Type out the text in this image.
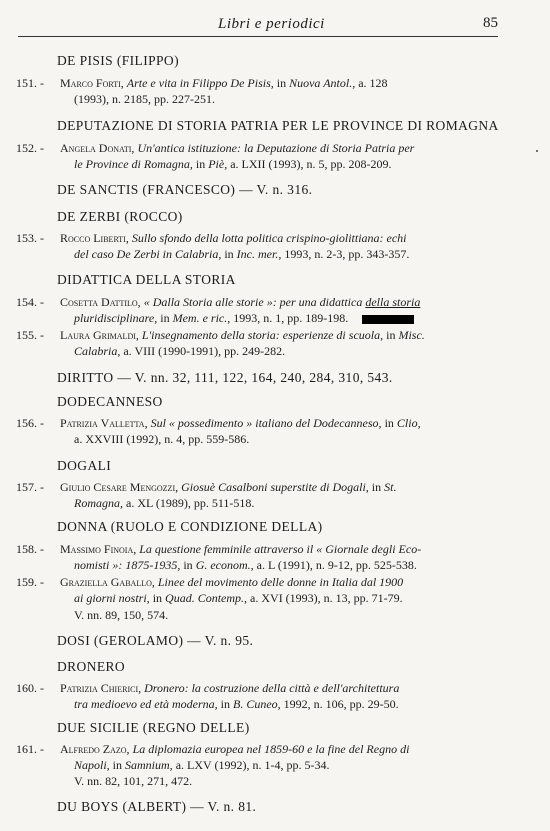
Libri e periodici	85
DE PISIS (FILIPPO)
151. - Marco Forti, Arte e vita in Filippo De Pisis, in Nuova Antol., a. 128
(1993), n. 2185, pp. 227-251.
DEPUTAZIONE DI STORIA PATRIA PER LE PROVINCE DI ROMAGNA
152. - Angela Donati, Un'antica istituzione: la Deputazione di Storia Patria per
le Province di Romagna, in Piè, a. LXII (1993), n. 5, pp. 208-209.
DE SANCTIS (FRANCESCO) — V. n. 316.
DE ZERBI (ROCCO)
153. - Rocco Liberti, Sullo sfondo della lotta politica crispino-giolittiana: echi
del caso De Zerbi in Calabria, in Inc. mer., 1993, n. 2-3, pp. 343-357.
DIDATTICA DELLA STORIA
154. - Cosetta Dattilo, « Dalla Storia alle storie »: per una didattica della storia
pluridisciplinare, in Mem. e ric., 1993, n. 1, pp. 189-198.
155. - Laura Grimaldi, L'insegnamento della storia: esperienze di scuola, in Misc.
Calabria, a. VIII (1990-1991), pp. 249-282.
DIRITTO — V. nn. 32, 111, 122, 164, 240, 284, 310, 543.
DODECANNESO
156. - Patrizia Valletta, Sul « possedimento » italiano del Dodecanneso, in Clio,
a. XXVIII (1992), n. 4, pp. 559-586.
DOGALI
157. - Giulio Cesare Mengozzi, Giosuè Casalboni superstite di Dogali, in St.
Romagna, a. XL (1989), pp. 511-518.
DONNA (RUOLO E CONDIZIONE DELLA)
158. - Massimo Finoia, La questione femminile attraverso il « Giornale degli Eco-
nomisti »: 1875-1935, in G. econom., a. L (1991), n. 9-12, pp. 525-538.
159. - Graziella Gaballo, Linee del movimento delle donne in Italia dal 1900
ai giorni nostri, in Quad. Contemp., a. XVI (1993), n. 13, pp. 71-79.
V. nn. 89, 150, 574.
DOSI (GEROLAMO) — V. n. 95.
DRONERO
160. - Patrizia Chierici, Dronero: la costruzione della città e dell'architettura
tra medioevo ed età moderna, in B. Cuneo, 1992, n. 106, pp. 29-50.
DUE SICILIE (REGNO DELLE)
161. - Alfredo Zazo, La diplomazia europea nel 1859-60 e la fine del Regno di
Napoli, in Samnium, a. LXV (1992), n. 1-4, pp. 5-34.
V. nn. 82, 101, 271, 472.
DU BOYS (ALBERT) — V. n. 81.
